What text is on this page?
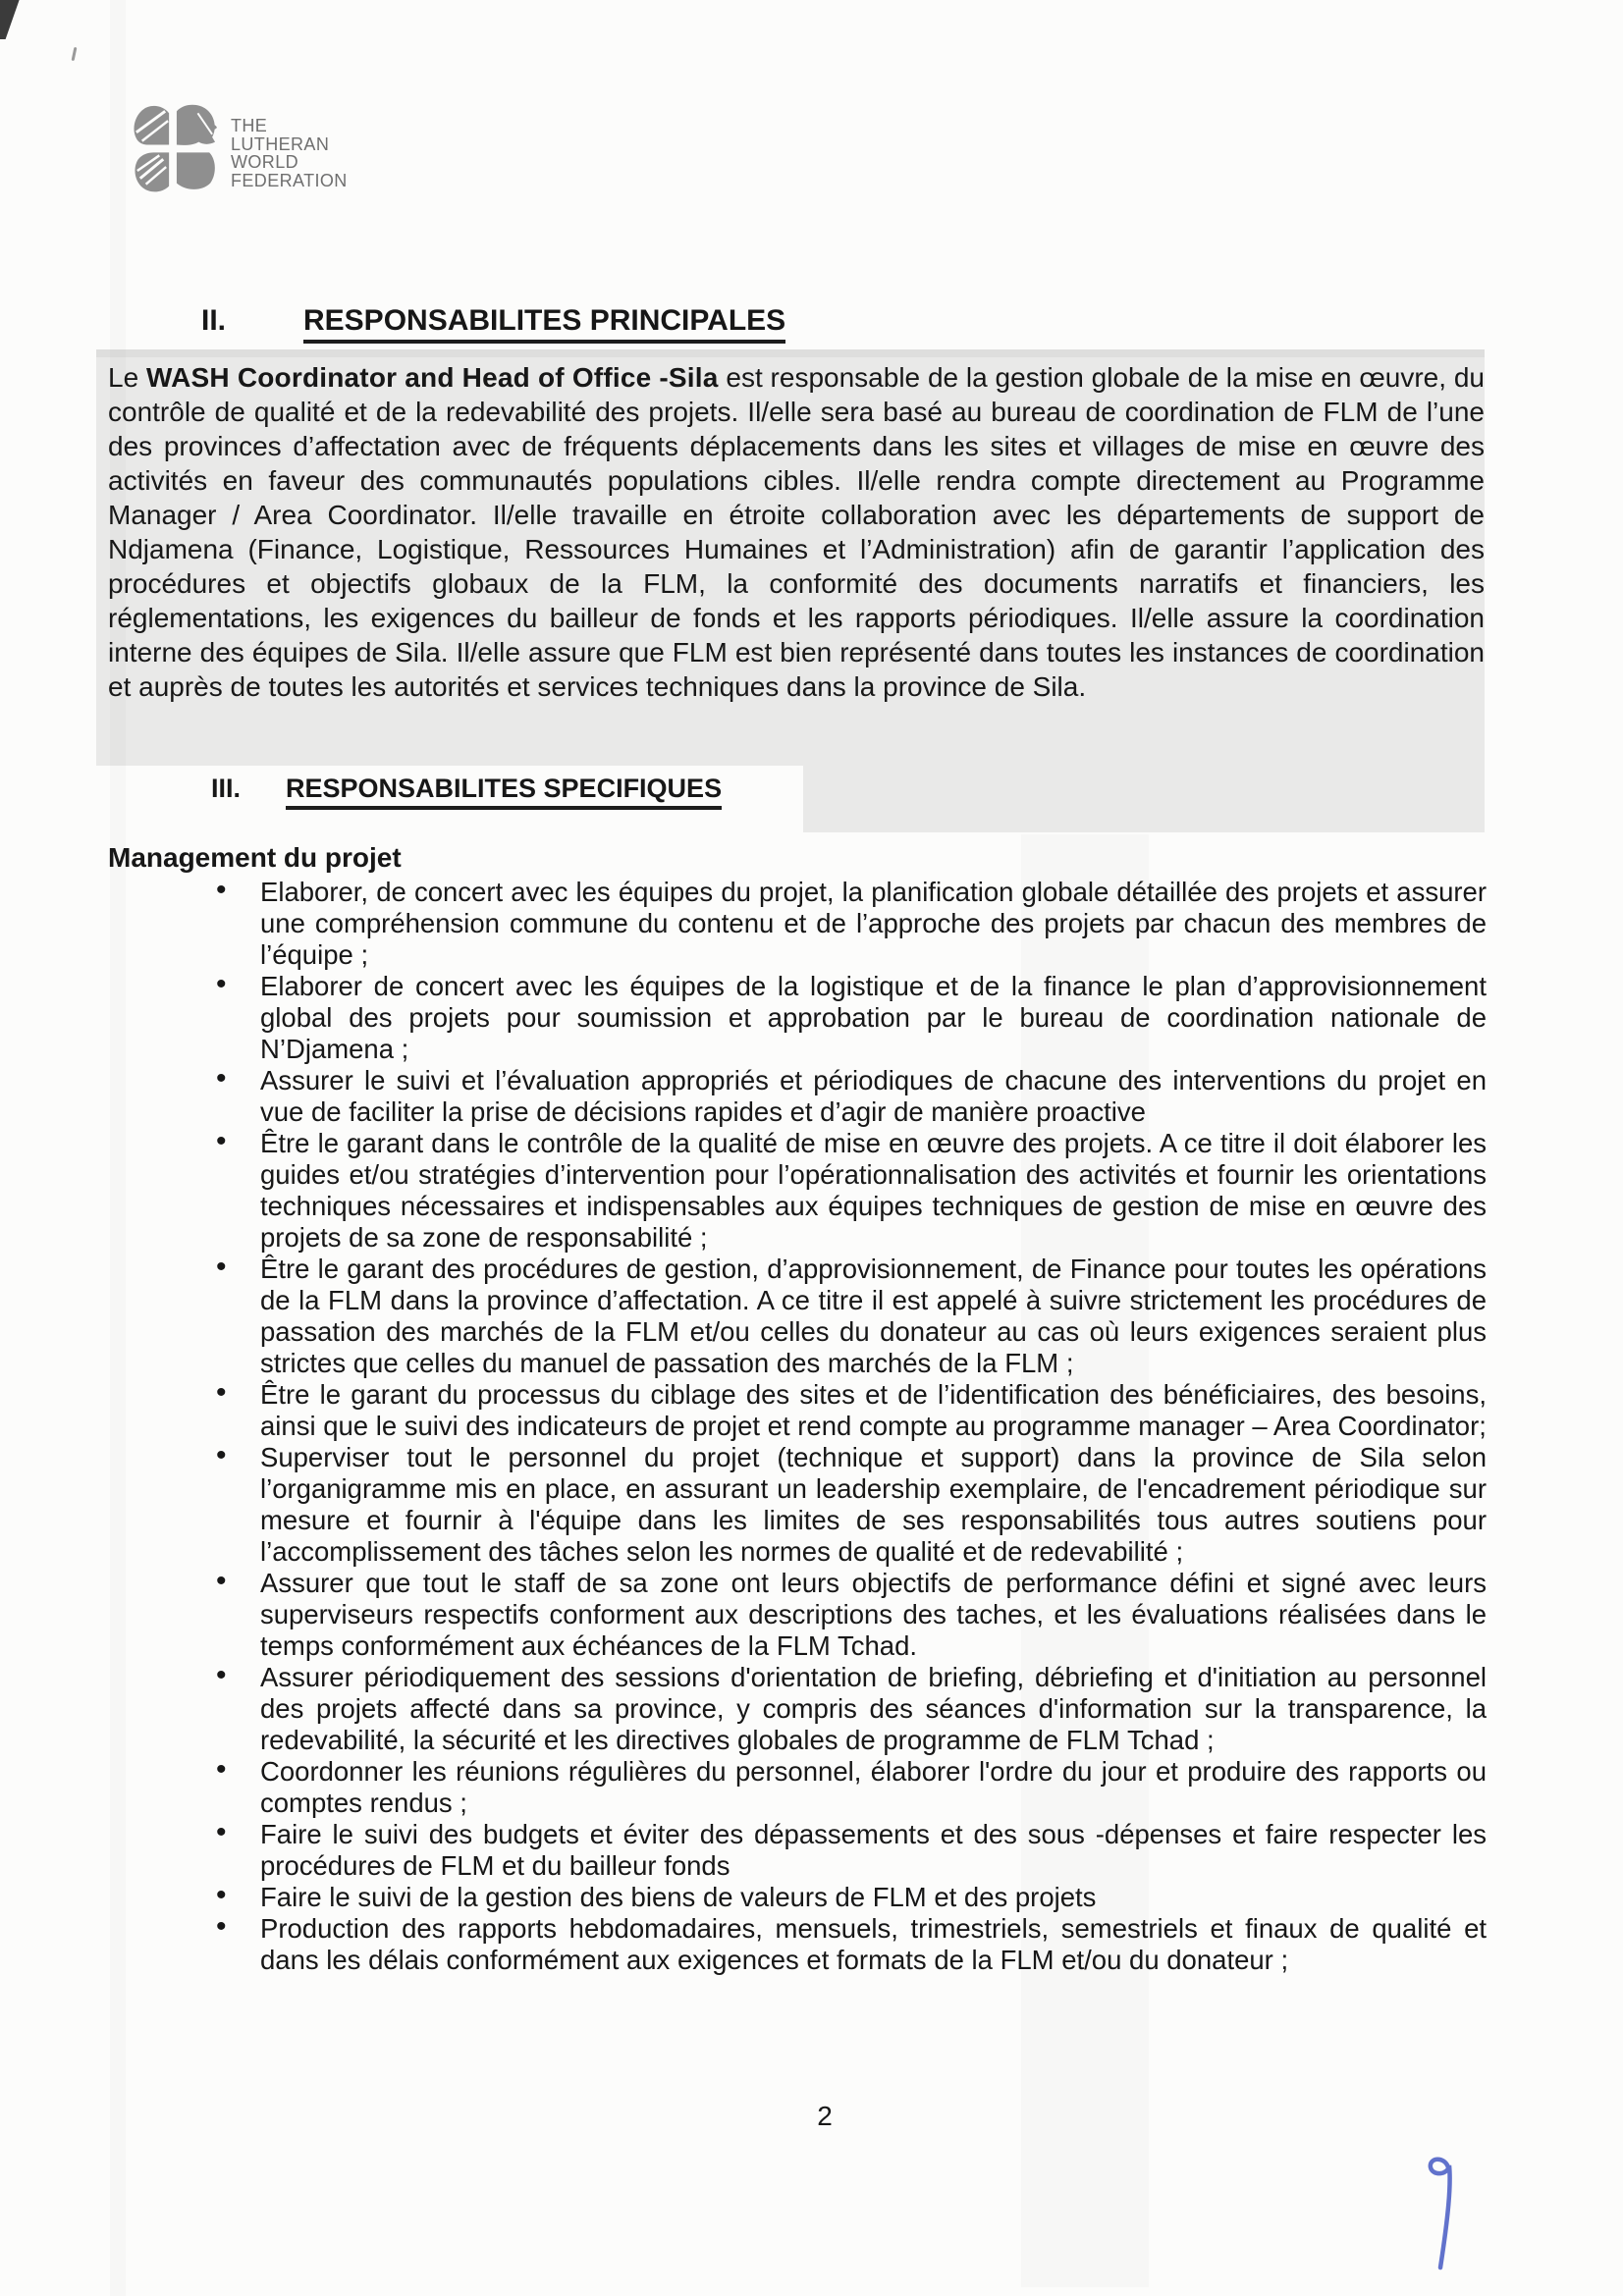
THE
LUTHERAN
WORLD
FEDERATION
II.	RESPONSABILITES PRINCIPALES

Le WASH Coordinator and Head of Office -Sila est responsable de la gestion globale de la mise en œuvre, du contrôle de qualité et de la redevabilité des projets. Il/elle sera basé au bureau de coordination de FLM de l’une des provinces d’affectation avec de fréquents déplacements dans les sites et villages de mise en œuvre des activités en faveur des communautés populations cibles. Il/elle rendra compte directement au Programme Manager / Area Coordinator. Il/elle travaille en étroite collaboration avec les départements de support de Ndjamena (Finance, Logistique, Ressources Humaines et l’Administration) afin de garantir l’application des procédures et objectifs globaux de la FLM, la conformité des documents narratifs et financiers, les réglementations, les exigences du bailleur de fonds et les rapports périodiques. Il/elle assure la coordination interne des équipes de Sila. Il/elle assure que FLM est bien représenté dans toutes les instances de coordination et auprès de toutes les autorités et services techniques dans la province de Sila.

III. RESPONSABILITES SPECIFIQUES
Management du projet
• Elaborer, de concert avec les équipes du projet, la planification globale détaillée des projets et assurer une compréhension commune du contenu et de l’approche des projets par chacun des membres de l’équipe ;
• Elaborer de concert avec les équipes de la logistique et de la finance le plan d’approvisionnement global des projets pour soumission et approbation par le bureau de coordination nationale de N’Djamena ;
• Assurer le suivi et l’évaluation appropriés et périodiques de chacune des interventions du projet en vue de faciliter la prise de décisions rapides et d’agir de manière proactive
• Être le garant dans le contrôle de la qualité de mise en œuvre des projets. A ce titre il doit élaborer les guides et/ou stratégies d’intervention pour l’opérationnalisation des activités et fournir les orientations techniques nécessaires et indispensables aux équipes techniques de gestion de mise en œuvre des projets de sa zone de responsabilité ;
• Être le garant des procédures de gestion, d’approvisionnement, de Finance pour toutes les opérations de la FLM dans la province d’affectation. A ce titre il est appelé à suivre strictement les procédures de passation des marchés de la FLM et/ou celles du donateur au cas où leurs exigences seraient plus strictes que celles du manuel de passation des marchés de la FLM ;
• Être le garant du processus du ciblage des sites et de l’identification des bénéficiaires, des besoins, ainsi que le suivi des indicateurs de projet et rend compte au programme manager – Area Coordinator;
• Superviser tout le personnel du projet (technique et support) dans la province de Sila selon l’organigramme mis en place, en assurant un leadership exemplaire, de l'encadrement périodique sur mesure et fournir à l'équipe dans les limites de ses responsabilités tous autres soutiens pour l’accomplissement des tâches selon les normes de qualité et de redevabilité ;
• Assurer que tout le staff de sa zone ont leurs objectifs de performance défini et signé avec leurs superviseurs respectifs conforment aux descriptions des taches, et les évaluations réalisées dans le temps conformément aux échéances de la FLM Tchad.
• Assurer périodiquement des sessions d'orientation de briefing, débriefing et d'initiation au personnel des projets affecté dans sa province, y compris des séances d'information sur la transparence, la redevabilité, la sécurité et les directives globales de programme de FLM Tchad ;
• Coordonner les réunions régulières du personnel, élaborer l'ordre du jour et produire des rapports ou comptes rendus ;
• Faire le suivi des budgets et éviter des dépassements et des sous -dépenses et faire respecter les procédures de FLM et du bailleur fonds
• Faire le suivi de la gestion des biens de valeurs de FLM et des projets
• Production des rapports hebdomadaires, mensuels, trimestriels, semestriels et finaux de qualité et dans les délais conformément aux exigences et formats de la FLM et/ou du donateur ;
2
